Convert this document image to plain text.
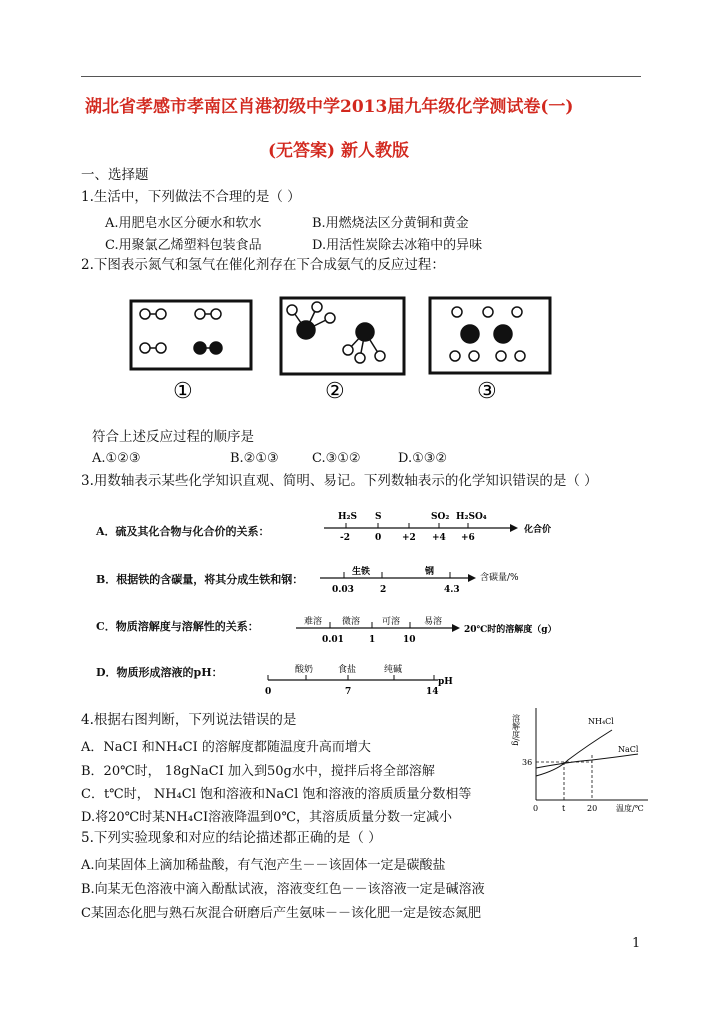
湖北省孝感市孝南区肖港初级中学2013届九年级化学测试卷(一)
(无答案) 新人教版
一、选择题
1.生活中，下列做法不合理的是（ ）
A.用肥皂水区分硬水和软水	B.用燃烧法区分黄铜和黄金
C.用聚氯乙烯塑料包装食品	D.用活性炭除去冰箱中的异味
2.下图表示氮气和氢气在催化剂存在下合成氨气的反应过程：
①	②	③
符合上述反应过程的顺序是
A.①②③	B.②①③	C.③①②	D.①③②
3.用数轴表示某些化学知识直观、简明、易记。下列数轴表示的化学知识错误的是（ ）
A．硫及其化合物与化合价的关系：
H₂S S	SO₂ H₂SO₄
-2	0 +2 +4 +6
化合价
B．根据铁的含碳量，将其分成生铁和钢：
生铁	钢
0.03	2	4.3
含碳量/%
C．物质溶解度与溶解性的关系：	难溶 微溶 可溶	易溶
0.01	1	10
20℃时的溶解度（g）
D．物质形成溶液的pH：	酸奶	食盐	纯碱
0	7	14
pH
4.根据右图判断，下列说法错误的是
A．NaCI 和NH₄CI 的溶解度都随温度升高而增大
B．20℃时， 18gNaCI 加入到50g水中，搅拌后将全部溶解
C．t℃时， NH₄Cl 饱和溶液和NaCl 饱和溶液的溶质质量分数相等
D.将20℃时某NH₄CI溶液降温到0℃，其溶质质量分数一定减小
溶解度/g	NH₄Cl
NaCl
36
0	t	20 温度/℃
5.下列实验现象和对应的结论描述都正确的是（ ）
A.向某固体上滴加稀盐酸，有气泡产生－－该固体一定是碳酸盐
B.向某无色溶液中滴入酚酞试液，溶液变红色－－该溶液一定是碱溶液
C某固态化肥与熟石灰混合研磨后产生氨味－－该化肥一定是铵态氮肥
1
